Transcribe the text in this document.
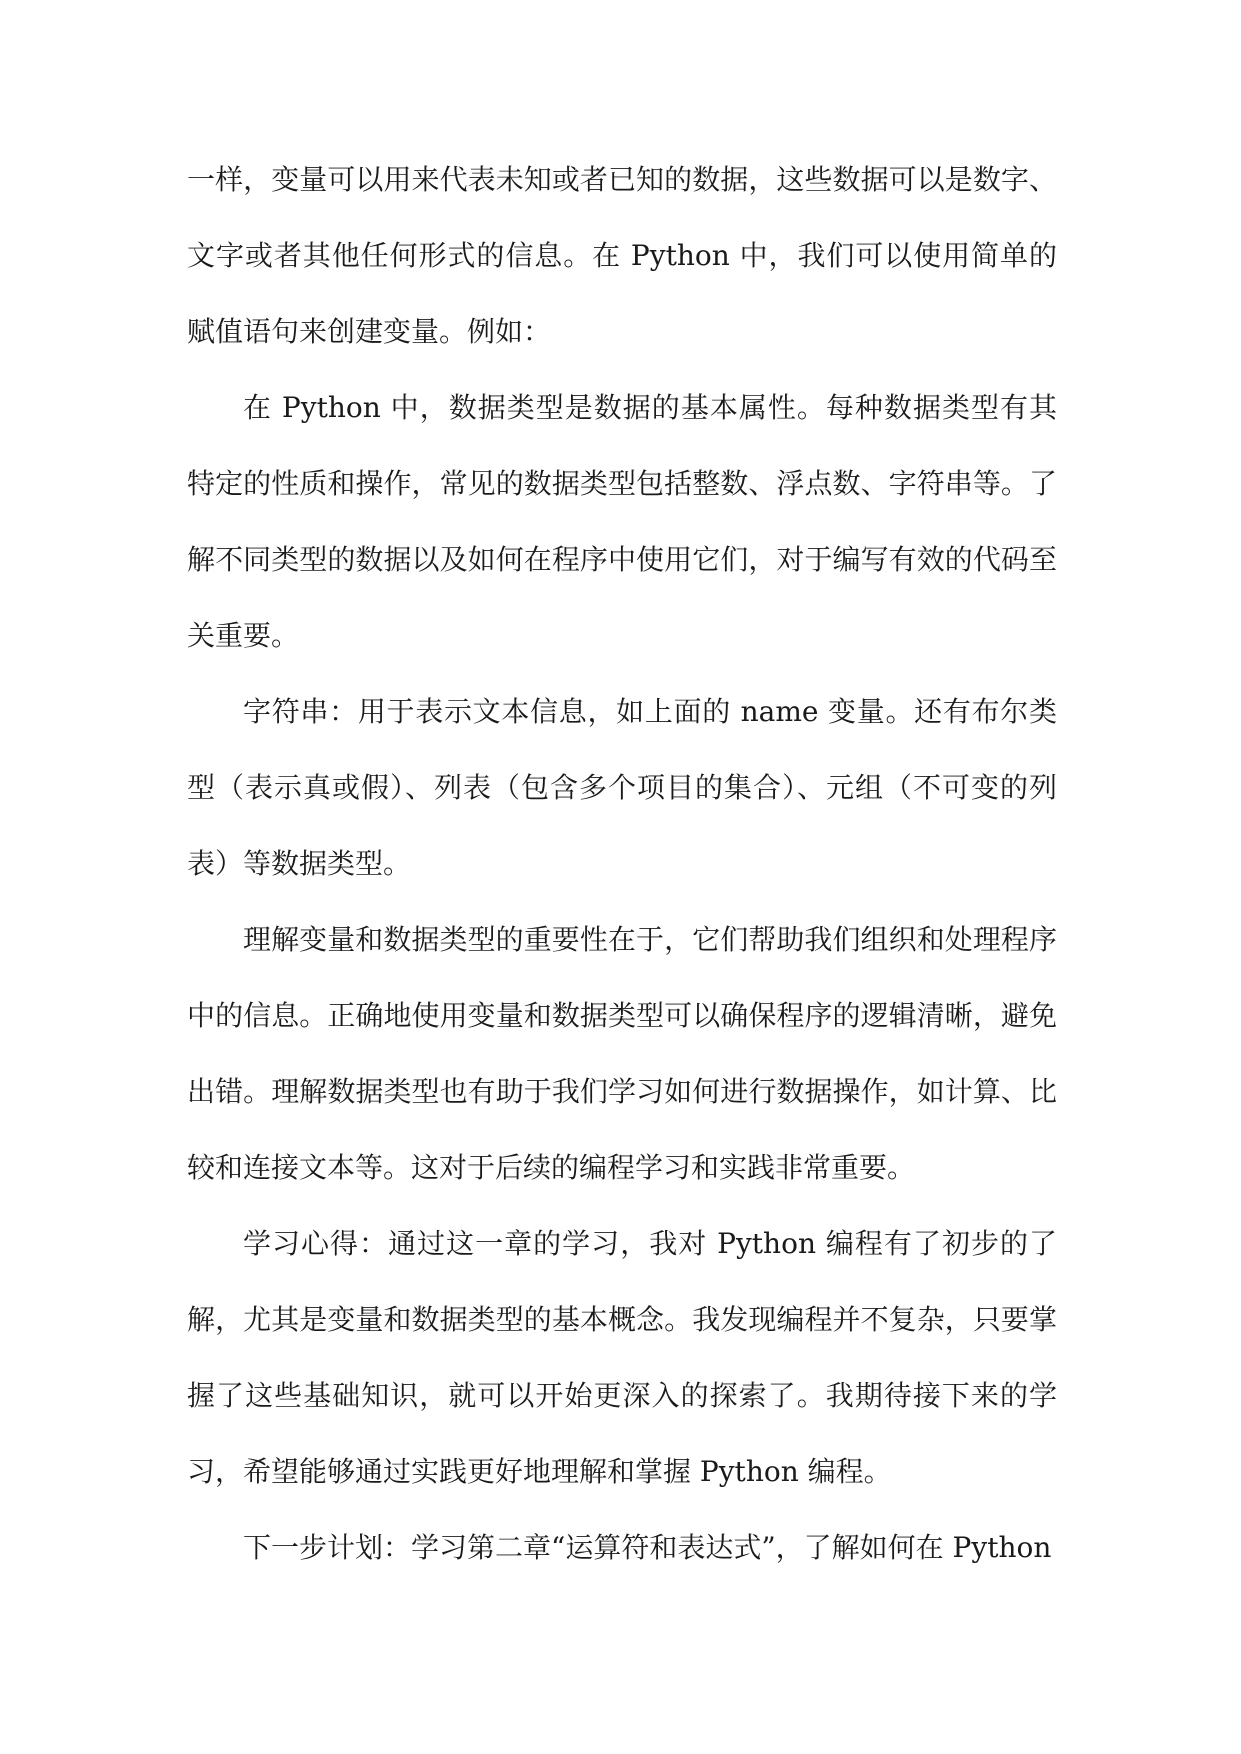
一样，变量可以用来代表未知或者已知的数据，这些数据可以是数字、文字或者其他任何形式的信息。在 Python 中，我们可以使用简单的赋值语句来创建变量。例如：

在 Python 中，数据类型是数据的基本属性。每种数据类型有其特定的性质和操作，常见的数据类型包括整数、浮点数、字符串等。了解不同类型的数据以及如何在程序中使用它们，对于编写有效的代码至关重要。

字符串：用于表示文本信息，如上面的 name 变量。还有布尔类型（表示真或假）、列表（包含多个项目的集合）、元组（不可变的列表）等数据类型。

理解变量和数据类型的重要性在于，它们帮助我们组织和处理程序中的信息。正确地使用变量和数据类型可以确保程序的逻辑清晰，避免出错。理解数据类型也有助于我们学习如何进行数据操作，如计算、比较和连接文本等。这对于后续的编程学习和实践非常重要。

学习心得：通过这一章的学习，我对 Python 编程有了初步的了解，尤其是变量和数据类型的基本概念。我发现编程并不复杂，只要掌握了这些基础知识，就可以开始更深入的探索了。我期待接下来的学习，希望能够通过实践更好地理解和掌握 Python 编程。

下一步计划：学习第二章“运算符和表达式”，了解如何在 Python
